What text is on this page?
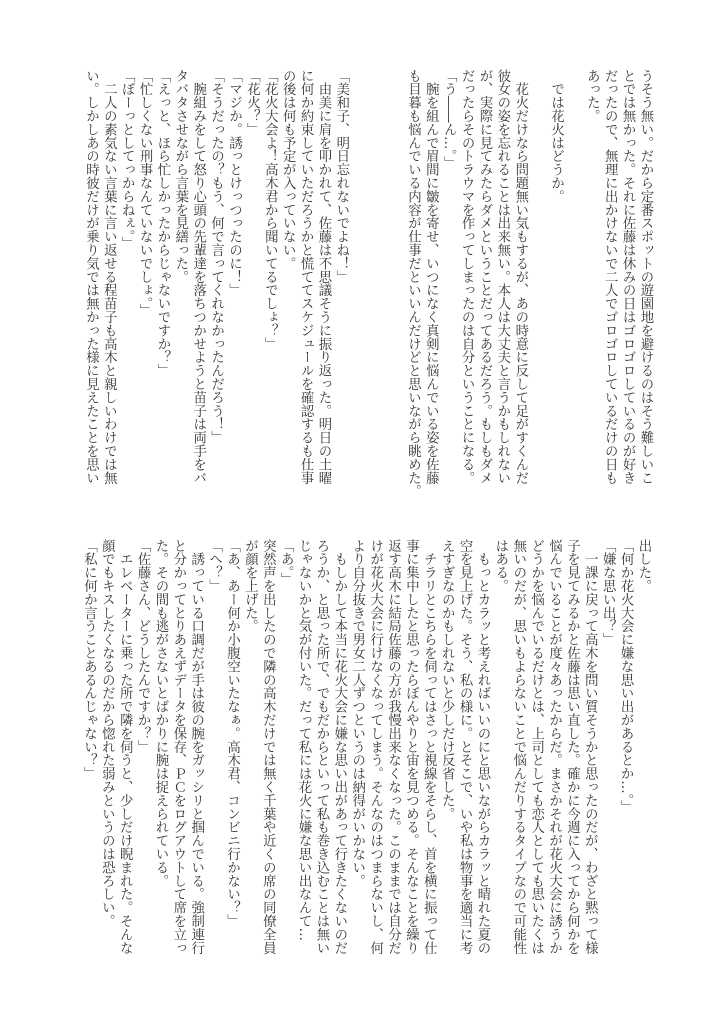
うそう無い。だから定番スポットの遊園地を避けるのはそう難しいこ
とでは無かった。それに佐藤は休みの日はゴロゴロしているのが好き
だったので、無理に出かけないで二人でゴロゴロしているだけの日も
あった。
　では花火はどうか。
　花火だけなら問題無い気もするが、あの時意に反して足がすくんだ
彼女の姿を忘れることは出来無い。本人は大丈夫と言うかもしれない
が、実際に見てみたらダメということだってあるだろう。もしもダメ
だったらそのトラウマを作ってしまったのは自分ということになる。
「う――ん…。」
　腕を組んで眉間に皺を寄せ、いつになく真剣に悩んでいる姿を佐藤
も目暮も悩んでいる内容が仕事だといいんだけどと思いながら眺めた。
「美和子、明日忘れないでよね！」
　由美に肩を叩かれて、佐藤は不思議そうに振り返った。明日の土曜
に何か約束していただろうかと慌ててスケジュールを確認するも仕事
の後は何も予定が入っていない。
「花火大会よ！高木君から聞いてるでしょ？」
「花火？」
「マジか。誘っとけっつったのに！」
「そうだったの？もう、何で言ってくれなかったんだろう！」
　腕組みをして怒り心頭の先輩達を落ちつかせようと苗子は両手をバ
タバタさせながら言葉を見繕った。
「えっと、ほら忙しかったからじゃないですか？」
「忙しくない刑事なんていないでしょ。」
「ぼーっとしてっからねぇ。」
　二人の素気ない言葉に言い返せる程苗子も高木と親しいわけでは無
い。しかしあの時彼だけが乗り気では無かった様に見えたことを思い
出した。
「何か花火大会に嫌な思い出があるとか…。」
「嫌な思い出？」
　一課に戻って高木を問い質そうかと思ったのだが、わざと黙って様
子を見てみるかと佐藤は思い直した。確かに今週に入ってから何かを
悩んでいることが度々あったからだ。まさかそれが花火大会に誘うか
どうかを悩んでいるだけとは、上司としても恋人としても思いたくは
無いのだが、思いもよらないことで悩んだりするタイプなので可能性
はある。
　もっとカラッと考えればいいのにと思いながらカラッと晴れた夏の
空を見上げた。そう、私の様に。とそこで、いや私は物事を適当に考
えすぎなのかもしれないと少しだけ反省した。
　チラリとこちらを伺ってはさっと視線をそらし、首を横に振って仕
事に集中したと思ったらぼんやりと宙を見つめる。そんなことを繰り
返す高木に結局佐藤の方が我慢出来なくなった。このままでは自分だ
けが花火大会に行けなくなってしまう。そんなのはつまらないし、何
より自分抜きで男女二人ずつというのは納得がいかない。
　もしかして本当に花火大会に嫌な思い出があって行きたくないのだ
ろうか、と思った所で、でもだからといって私も巻き込むことは無い
じゃないかと気が付いた。だって私には花火に嫌な思い出なんて…
「あ。」
突然声を出したので隣の高木だけでは無く千葉や近くの席の同僚全員
が顔を上げた。
「あ、あー何か小腹空いたなぁ。高木君、コンビニ行かない？」
「へ？」
　誘っている口調だが手は彼の腕をガッシリと掴んでいる。強制連行
と分かってとりあえずデータを保存、ＰＣをログアウトして席を立っ
た。その間も逃がさないとばかりに腕は捉えられている。
「佐藤さん、どうしたんですか？」
　エレベーターに乗った所で隣を伺うと、少しだけ睨まれた。そんな
顔でもキスしたくなるのだから惚れた弱みというのは恐ろしい。
「私に何か言うことあるんじゃない？」
